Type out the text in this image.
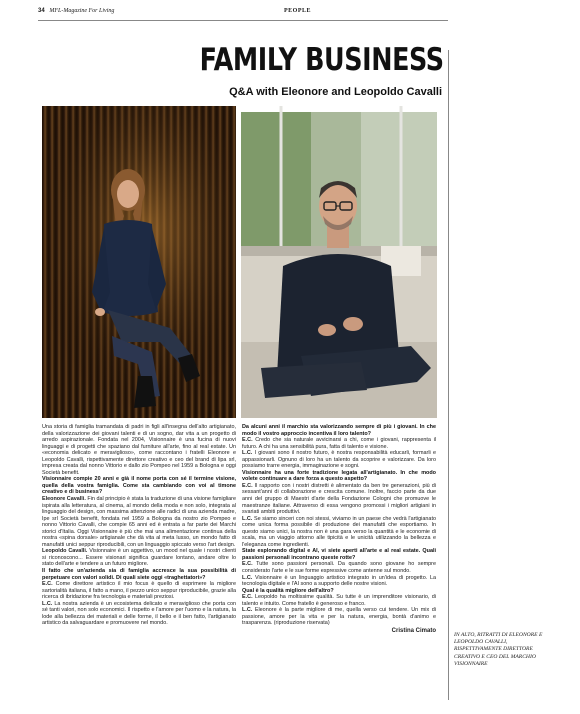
34 MFL-Magazine For Living	PEOPLE
FAMILY BUSINESS
Q&A with Eleonore and Leopoldo Cavalli

Una storia di famiglia tramandata di padri in figli all'insegna dell'alto artigianato, della valorizzazione dei giovani talenti e di un sogno, dar vita a un progetto di arredo aspirazionale. Fondata nel 2004, Visionnaire è una fucina di nuovi linguaggi e di progetti che spaziano dal furniture all'arte, fino al real estate. Un «economia delicato e meraviglioso», come raccontano i fratelli Eleonore e Leopoldo Cavalli, rispettivamente direttore creativo e ceo del brand di lipa srl, impresa creata dal nonno Vittorio e dallo zio Pompeo nel 1959 a Bologna e oggi Società benefit.

Visionnaire compie 20 anni e già il nome porta con sé il termine visione, quella della vostra famiglia. Come sta cambiando con voi al timone creativo e di business?

Eleonore Cavalli. Fin dal principio è stata la traduzione di una visione famigliare ispirata alla letteratura, al cinema, al mondo della moda e non solo, integrata al linguaggio del design, con massima attenzione alle radici di una azienda madre, Ipe srl Società benefit, fondata nel 1959 a Bologna da nostro zio Pompeo e nonno Vittorio Cavalli, che compie 65 anni ed è entrata a far parte dei Marchi storici d'Italia. Oggi Visionnaire è più che mai una alimentazione continua della nostra «spina dorsale» artigianale che dà vita al meta lusso, un mondo fatto di manufatti unici seppur riproducibili, con un linguaggio spiccato verso l'art design.

Leopoldo Cavalli. Visionnaire è un aggettivo, un mood nel quale i nostri clienti si riconoscono... Essere visionari significa guardare lontano, andare oltre lo stato dell'arte e tendere a un futuro migliore.

Il fatto che un'azienda sia di famiglia accresce la sua possibilità di perpetuare con valori solidi. Di quali siete oggi «traghettatori»?

E.C. Come direttore artistico il mio focus è quello di esprimere la migliore sartorialità italiana, il fatto a mano, il pezzo unico seppur riproducibile, grazie alla ricerca di ibridazione fra tecnologia e materiali preziosi.

L.C. La nostra azienda è un ecosistema delicato e meraviglioso che porta con sé tanti valori, non solo economici. Il rispetto e l'amore per l'uomo e la natura, la lode alla bellezza dei materiali e delle forme, il bello e il ben fatto, l'artigianato artistico da salvaguardare e promuovere nel mondo.

Da alcuni anni il marchio sta valorizzando sempre di più i giovani. In che modo il vostro approccio incentiva il loro talento?

E.C. Credo che sia naturale avvicinarsi a chi, come i giovani, rappresenta il futuro. A chi ha una sensibilità pura, fatta di talento e visione.

L.C. I giovani sono il nostro futuro, è nostra responsabilità educarli, formarli e appassionarli. Ognuno di loro ha un talento da scoprire e valorizzare. Da loro possiamo trarre energia, immaginazione e sogni.

Visionnaire ha una forte tradizione legata all'artigianato. In che modo volete continuare a dare forza a questo aspetto?

E.C. Il rapporto con i nostri distretti è alimentato da ben tre generazioni, più di sessant'anni di collaborazione e crescita comune. Inoltre, faccio parte da due anni del gruppo di Maestri d'arte della Fondazione Cologni che promuove le maestranze italiane. Attraverso di essa vengono promossi i migliori artigiani in svariati ambiti produttivi.

L.C. Se siamo sinceri con noi stessi, viviamo in un paese che vedrà l'artigianato come unica forma possibile di produzione dei manufatti che esportiamo. In questo siamo unici, la nostra non è una gara verso la quantità e le economie di scala, ma un viaggio attorno alle tipicità e le unicità utilizzando la bellezza e l'eleganza come ingredienti.

State esplorando digital e AI, vi siete aperti all'arte e al real estate. Quali passioni personali incontrano queste rotte?

E.C. Tutte sono passioni personali. Da quando sono giovane ho sempre considerato l'arte e le sue forme espressive come antenne sul mondo.

L.C. Visionnaire è un linguaggio artistico integrato in un'idea di progetto. La tecnologia digitale e l'AI sono a supporto delle nostre visioni.

Qual è la qualità migliore dell'altro?

E.C. Leopoldo ha moltissime qualità. Su tutte è un imprenditore visionario, di talento e intuito. Come fratello è generoso e franco.

L.C. Eleonore è la parte migliore di me, quella verso cui tendere. Un mix di passione, amore per la vita e per la natura, energia, bontà d'animo e trasparenza. (riproduzione riservata)

Cristina Cimato
IN ALTO, RITRATTI DI ELEONORE E LEOPOLDO CAVALLI, RISPETTIVAMENTE DIRETTORE CREATIVO E CEO DEL MARCHIO VISIONNAIRE
